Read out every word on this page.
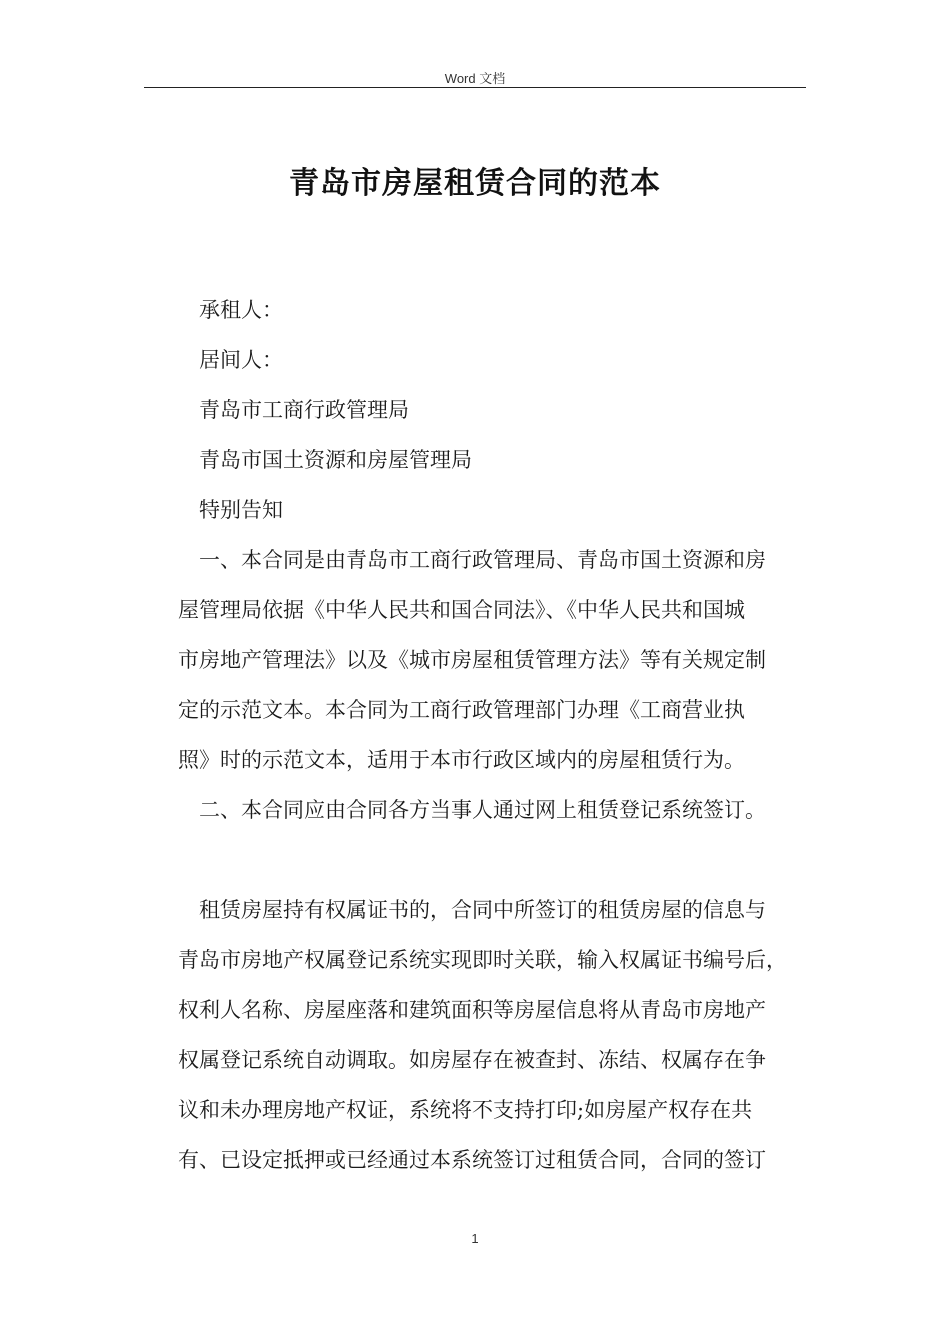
Word 文档
青岛市房屋租赁合同的范本
承租人：
居间人：
青岛市工商行政管理局
青岛市国土资源和房屋管理局
特别告知
一、本合同是由青岛市工商行政管理局、青岛市国土资源和房
屋管理局依据《中华人民共和国合同法》、《中华人民共和国城
市房地产管理法》以及《城市房屋租赁管理方法》等有关规定制
定的示范文本。本合同为工商行政管理部门办理《工商营业执
照》时的示范文本，适用于本市行政区域内的房屋租赁行为。
二、本合同应由合同各方当事人通过网上租赁登记系统签订。
租赁房屋持有权属证书的，合同中所签订的租赁房屋的信息与
青岛市房地产权属登记系统实现即时关联，输入权属证书编号后，
权利人名称、房屋座落和建筑面积等房屋信息将从青岛市房地产
权属登记系统自动调取。如房屋存在被查封、冻结、权属存在争
议和未办理房地产权证，系统将不支持打印;如房屋产权存在共
有、已设定抵押或已经通过本系统签订过租赁合同，合同的签订
1
